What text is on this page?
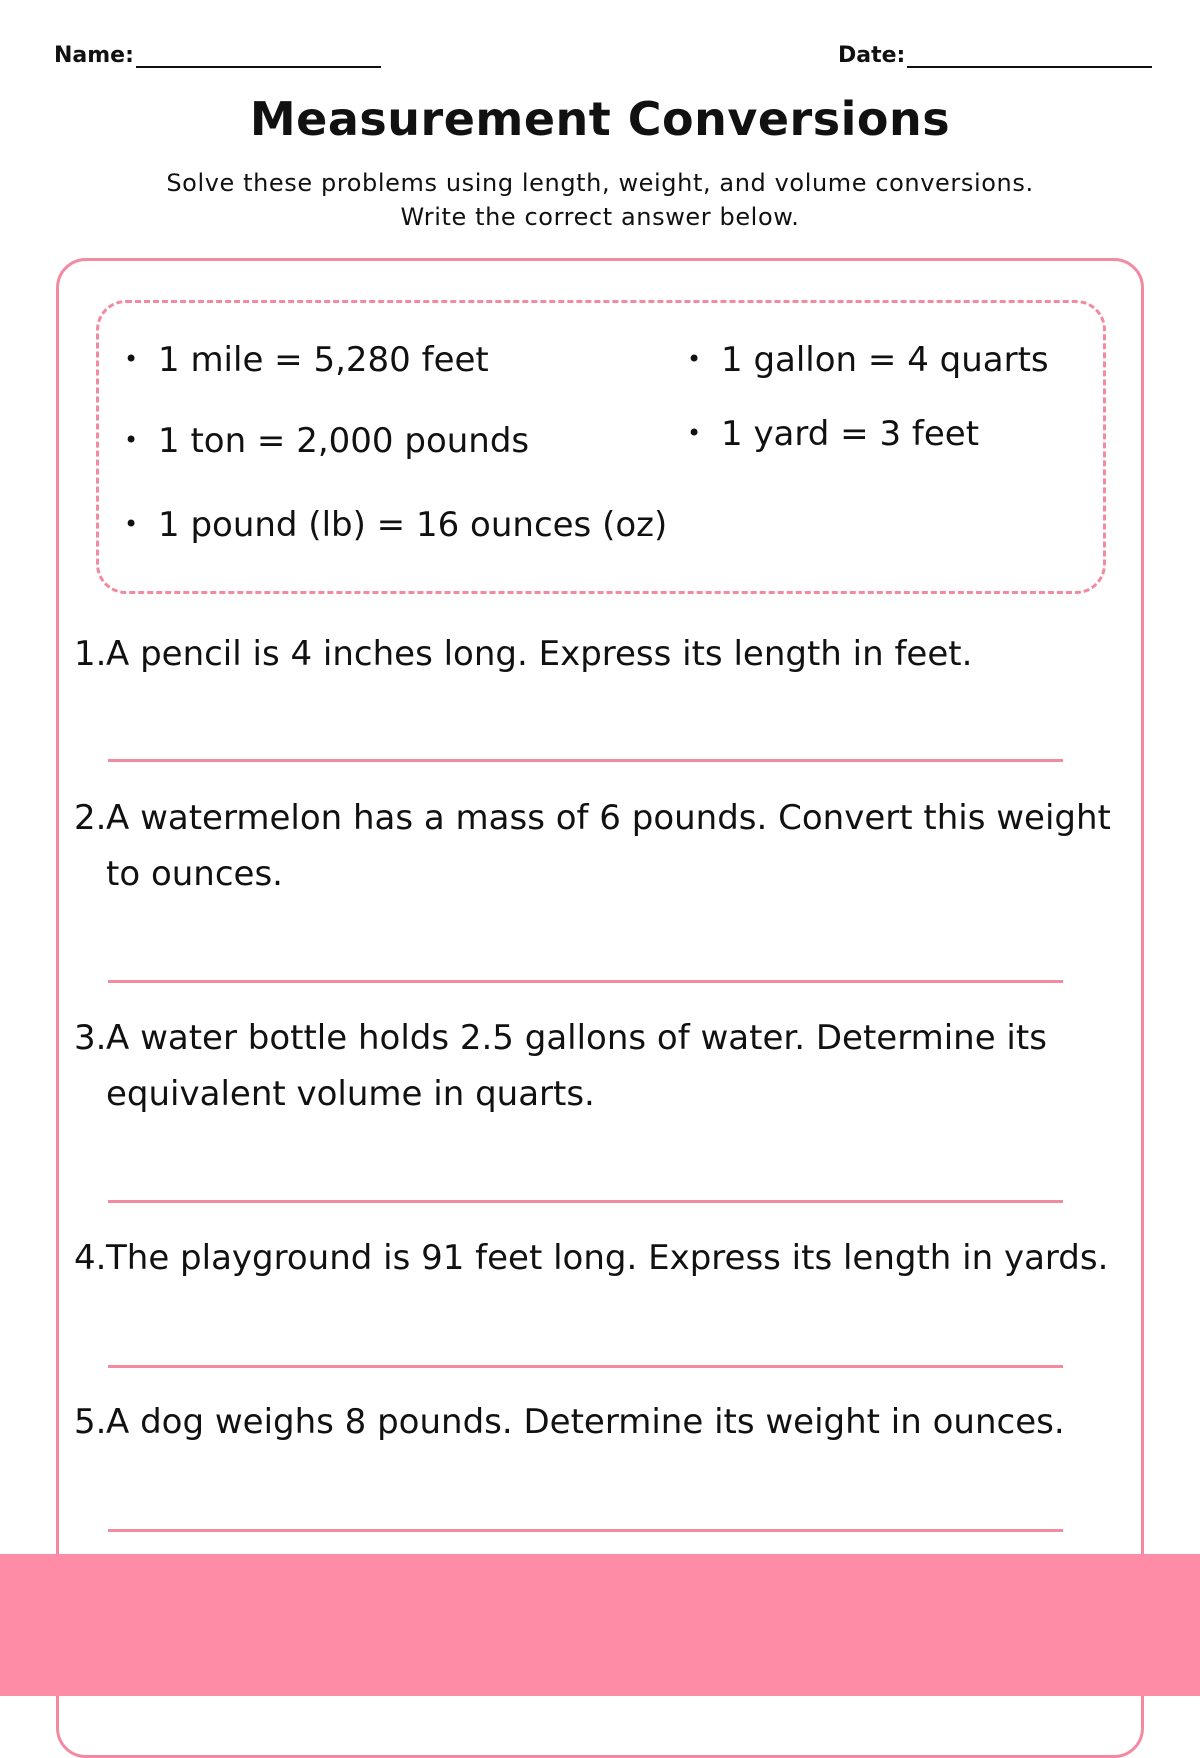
Name:	Date:
Measurement Conversions
Solve these problems using length, weight, and volume conversions.
Write the correct answer below.
• 1 mile = 5,280 feet
• 1 ton = 2,000 pounds
• 1 pound (lb) = 16 ounces (oz)
• 1 gallon = 4 quarts
• 1 yard = 3 feet
1.A pencil is 4 inches long. Express its length in feet.
2.A watermelon has a mass of 6 pounds. Convert this weight
to ounces.
3.A water bottle holds 2.5 gallons of water. Determine its
equivalent volume in quarts.
4.The playground is 91 feet long. Express its length in yards.
5.A dog weighs 8 pounds. Determine its weight in ounces.
